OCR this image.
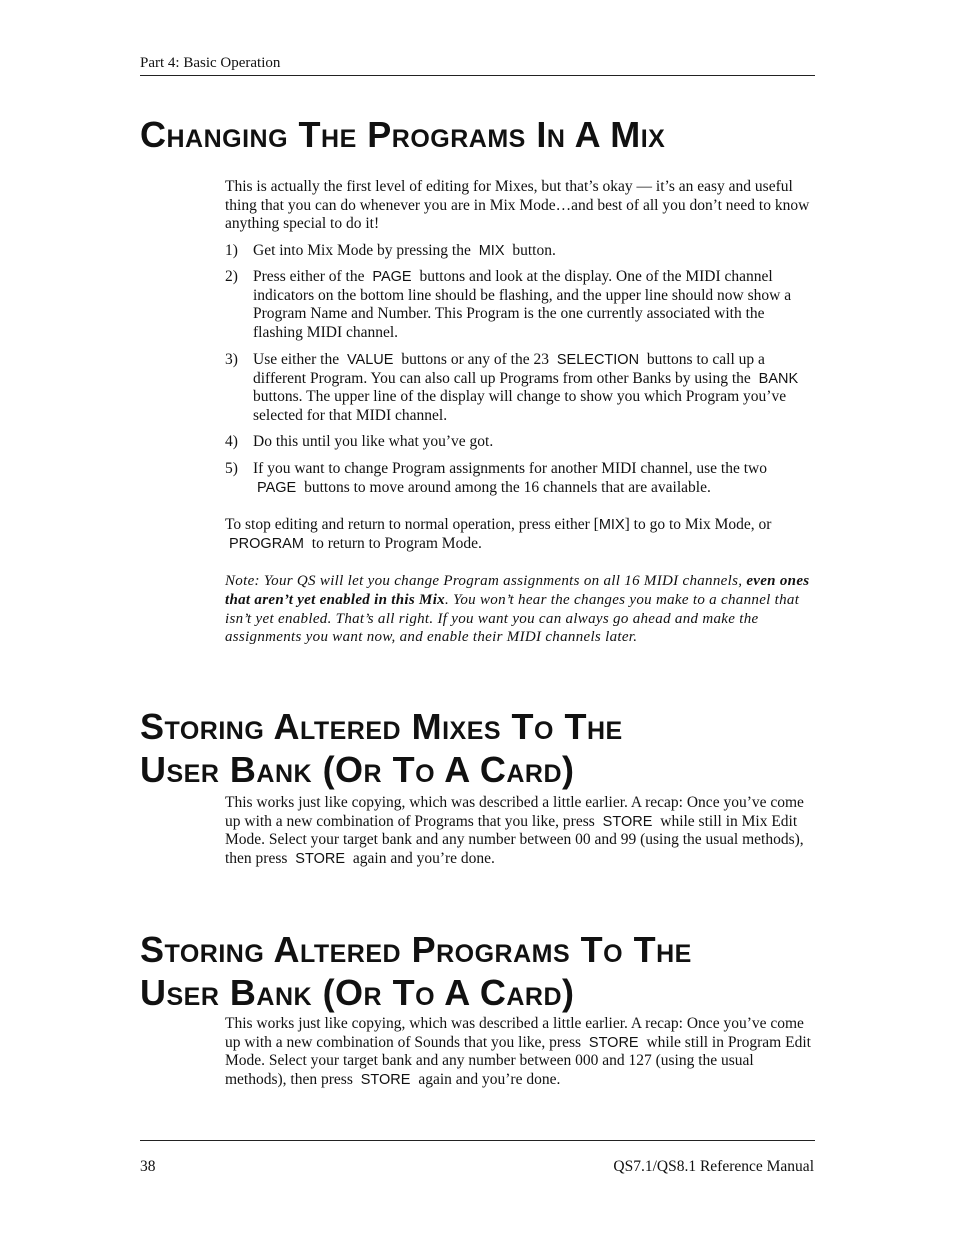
Part 4: Basic Operation
Changing The Programs In A Mix

This is actually the first level of editing for Mixes, but that’s okay — it’s an easy and useful thing that you can do whenever you are in Mix Mode…and best of all you don’t need to know anything special to do it!

1) Get into Mix Mode by pressing the MIX button.
2) Press either of the PAGE buttons and look at the display. One of the MIDI channel indicators on the bottom line should be flashing, and the upper line should now show a Program Name and Number. This Program is the one currently associated with the flashing MIDI channel.
3) Use either the VALUE buttons or any of the 23 SELECTION buttons to call up a different Program. You can also call up Programs from other Banks by using the BANK buttons. The upper line of the display will change to show you which Program you’ve selected for that MIDI channel.
4) Do this until you like what you’ve got.
5) If you want to change Program assignments for another MIDI channel, use the two PAGE buttons to move around among the 16 channels that are available.

To stop editing and return to normal operation, press either [MIX] to go to Mix Mode, or PROGRAM to return to Program Mode.

Note: Your QS will let you change Program assignments on all 16 MIDI channels, even ones that aren’t yet enabled in this Mix. You won’t hear the changes you make to a channel that isn’t yet enabled. That’s all right. If you want you can always go ahead and make the assignments you want now, and enable their MIDI channels later.

Storing Altered Mixes To The
User Bank (Or To A Card)

This works just like copying, which was described a little earlier. A recap: Once you’ve come up with a new combination of Programs that you like, press STORE while still in Mix Edit Mode. Select your target bank and any number between 00 and 99 (using the usual methods), then press STORE again and you’re done.

Storing Altered Programs To The
User Bank (Or To A Card)

This works just like copying, which was described a little earlier. A recap: Once you’ve come up with a new combination of Sounds that you like, press STORE while still in Program Edit Mode. Select your target bank and any number between 000 and 127 (using the usual methods), then press STORE again and you’re done.

38	QS7.1/QS8.1 Reference Manual
